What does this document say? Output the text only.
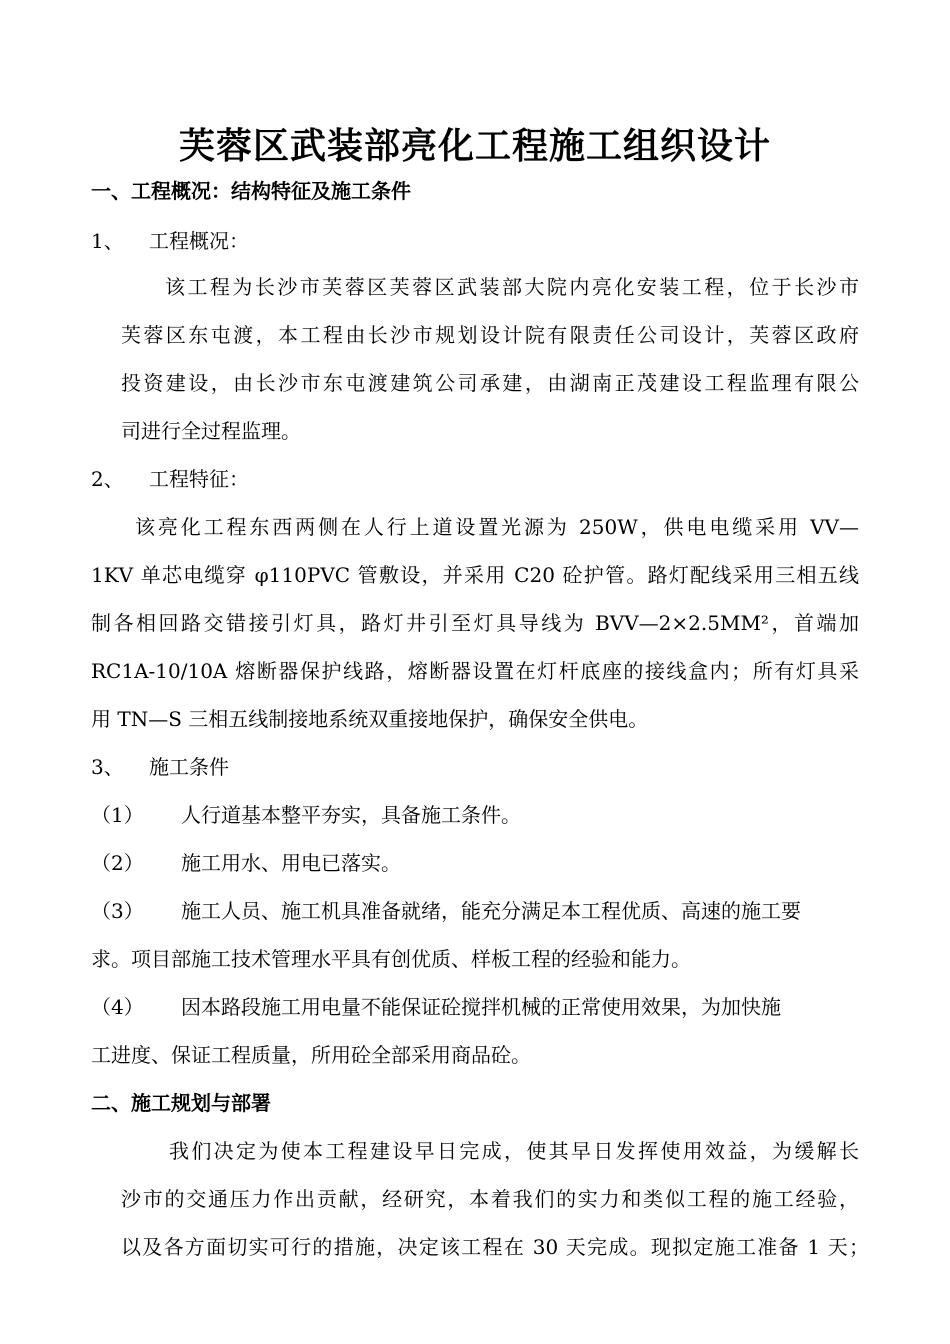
芙蓉区武装部亮化工程施工组织设计
一、工程概况：结构特征及施工条件
1、 工程概况：
该工程为长沙市芙蓉区芙蓉区武装部大院内亮化安装工程，位于长沙市
芙蓉区东屯渡，本工程由长沙市规划设计院有限责任公司设计，芙蓉区政府
投资建设，由长沙市东屯渡建筑公司承建，由湖南正茂建设工程监理有限公
司进行全过程监理。
2、 工程特征：
该亮化工程东西两侧在人行上道设置光源为 250W，供电电缆采用 VV—
1KV 单芯电缆穿 φ110PVC 管敷设，并采用 C20 砼护管。路灯配线采用三相五线
制各相回路交错接引灯具，路灯井引至灯具导线为 BVV—2×2.5MM²，首端加
RC1A-10/10A 熔断器保护线路，熔断器设置在灯杆底座的接线盒内；所有灯具采
用 TN—S 三相五线制接地系统双重接地保护，确保安全供电。
3、 施工条件
（1） 人行道基本整平夯实，具备施工条件。
（2） 施工用水、用电已落实。
（3） 施工人员、施工机具准备就绪，能充分满足本工程优质、高速的施工要
求。项目部施工技术管理水平具有创优质、样板工程的经验和能力。
（4） 因本路段施工用电量不能保证砼搅拌机械的正常使用效果，为加快施
工进度、保证工程质量，所用砼全部采用商品砼。
二、施工规划与部署
我们决定为使本工程建设早日完成，使其早日发挥使用效益，为缓解长
沙市的交通压力作出贡献，经研究，本着我们的实力和类似工程的施工经验，
以及各方面切实可行的措施，决定该工程在 30 天完成。现拟定施工准备 1 天；
